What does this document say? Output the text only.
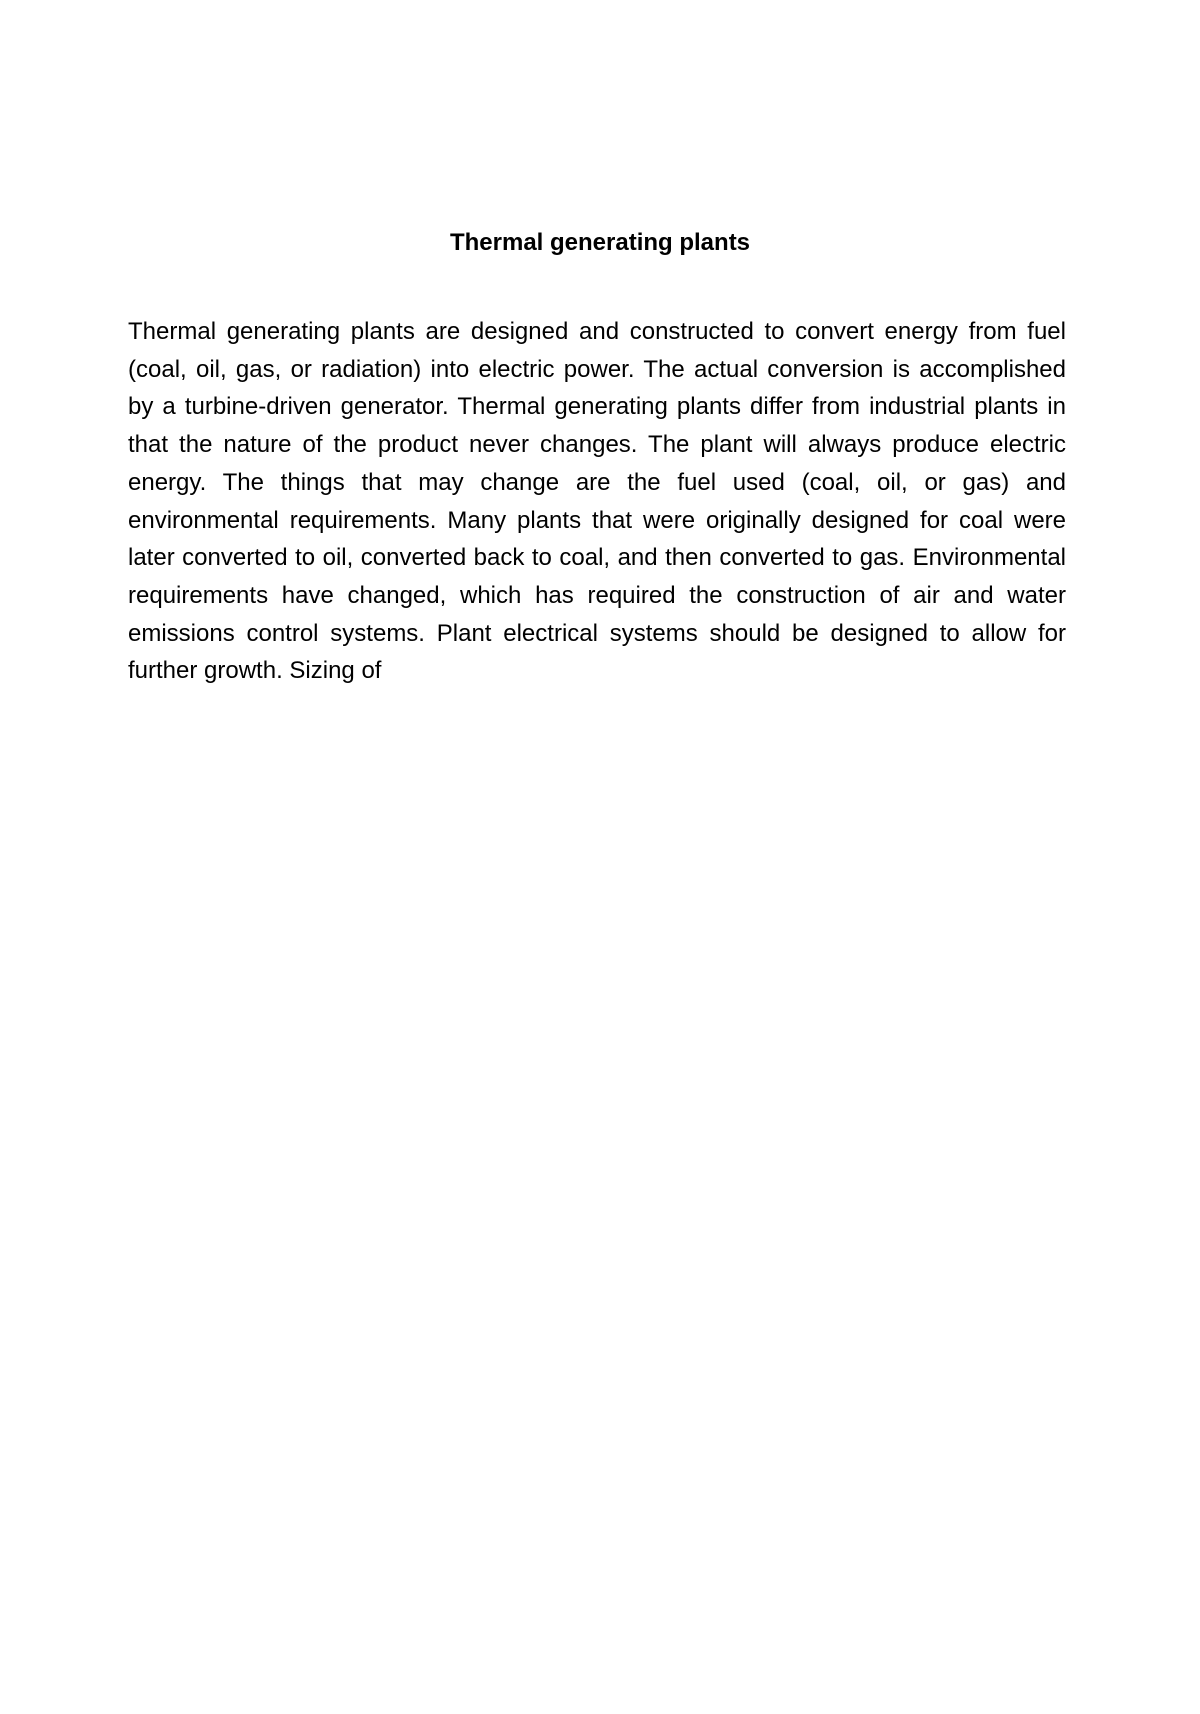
Thermal generating plants

Thermal generating plants are designed and constructed to convert energy from fuel (coal, oil, gas, or radiation) into electric power. The actual conversion is accomplished by a turbine-driven generator. Thermal generating plants differ from industrial plants in that the nature of the product never changes. The plant will always produce electric energy. The things that may change are the fuel used (coal, oil, or gas) and environmental requirements. Many plants that were originally designed for coal were later converted to oil, converted back to coal, and then converted to gas. Environmental requirements have changed, which has required the construction of air and water emissions control systems. Plant electrical systems should be designed to allow for further growth. Sizing of
